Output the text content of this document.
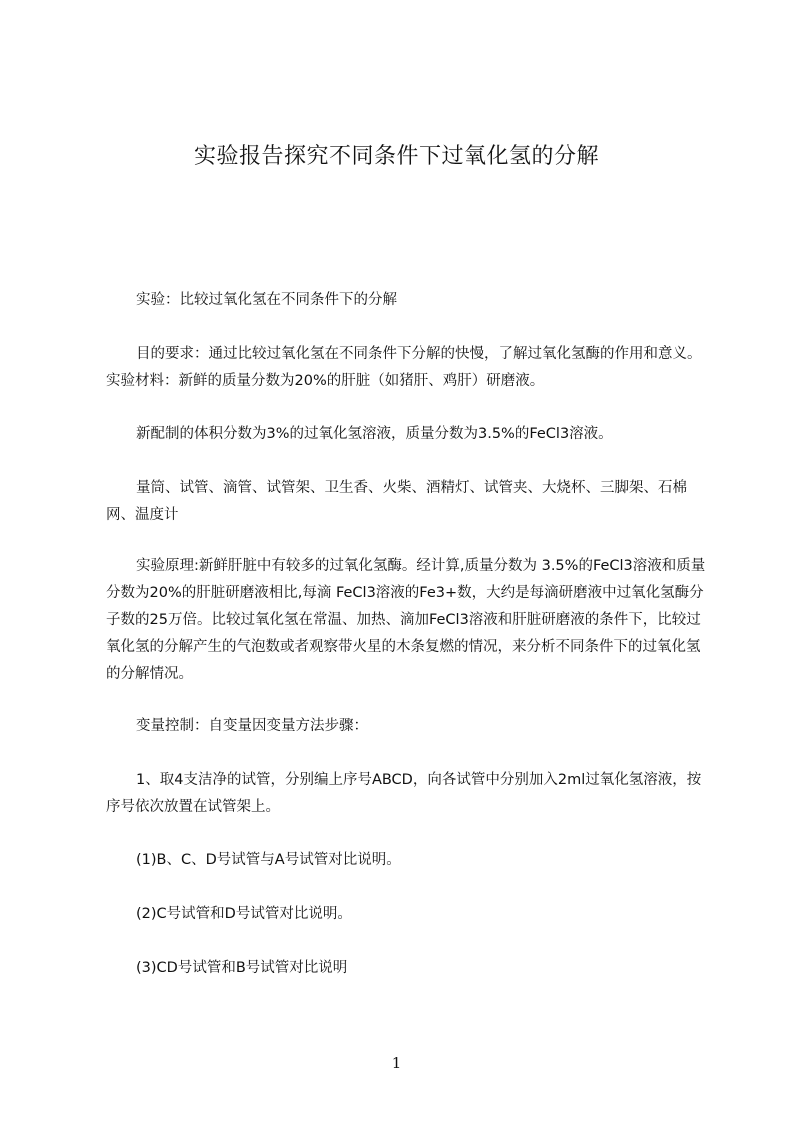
实验报告探究不同条件下过氧化氢的分解

实验：比较过氧化氢在不同条件下的分解

目的要求：通过比较过氧化氢在不同条件下分解的快慢，了解过氧化氢酶的作用和意义。实验材料：新鲜的质量分数为20%的肝脏（如猪肝、鸡肝）研磨液。

新配制的体积分数为3%的过氧化氢溶液，质量分数为3.5%的FeCl3溶液。

量筒、试管、滴管、试管架、卫生香、火柴、酒精灯、试管夹、大烧杯、三脚架、石棉网、温度计

实验原理:新鲜肝脏中有较多的过氧化氢酶。经计算,质量分数为 3.5%的FeCl3溶液和质量分数为20%的肝脏研磨液相比,每滴 FeCl3溶液的Fe3+数，大约是每滴研磨液中过氧化氢酶分子数的25万倍。比较过氧化氢在常温、加热、滴加FeCl3溶液和肝脏研磨液的条件下，比较过氧化氢的分解产生的气泡数或者观察带火星的木条复燃的情况，来分析不同条件下的过氧化氢的分解情况。

变量控制：自变量因变量方法步骤：

1、取4支洁净的试管，分别编上序号ABCD，向各试管中分别加入2ml过氧化氢溶液，按序号依次放置在试管架上。

(1)B、C、D号试管与A号试管对比说明。

(2)C号试管和D号试管对比说明。

(3)CD号试管和B号试管对比说明

1
